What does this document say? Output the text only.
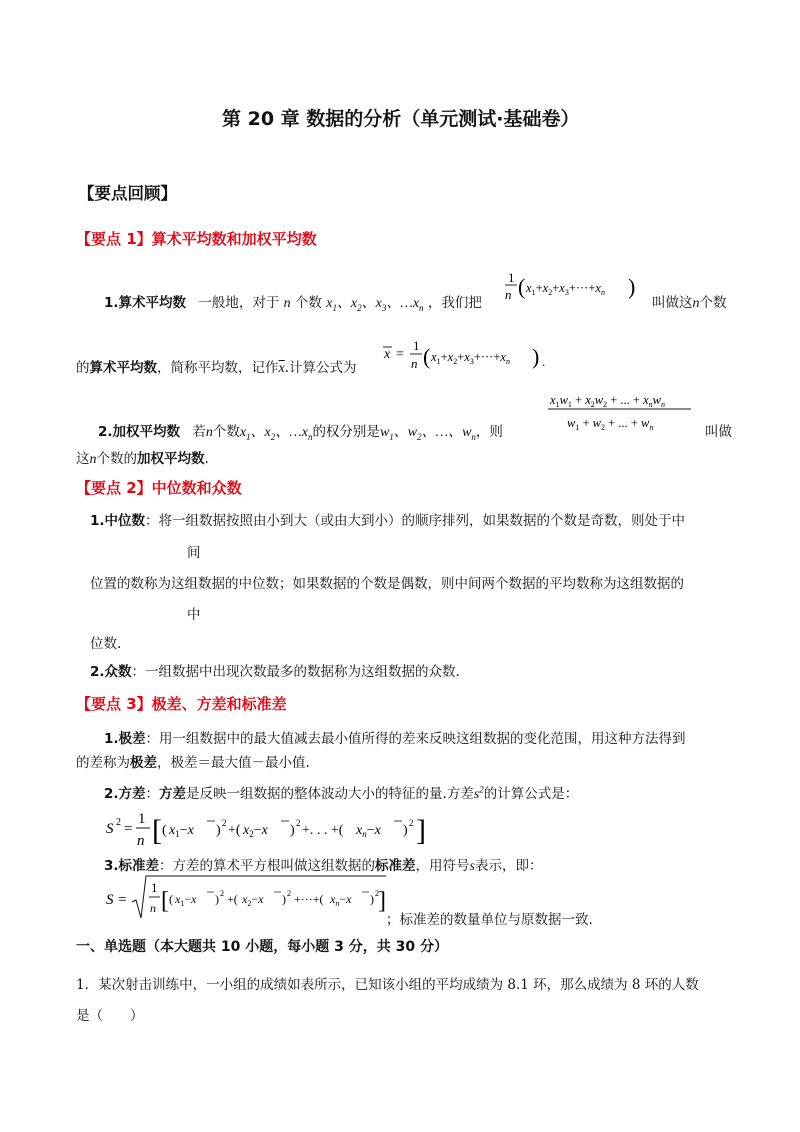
第 20 章 数据的分析（单元测试·基础卷）
【要点回顾】
【要点 1】算术平均数和加权平均数
1.算术平均数 一般地，对于 n 个数 $x_1$、$x_2$、$x_3$、$\dots x_n$ ，我们把
1
n ( $x_1+x_2+x_3+\cdot\cdot\cdot+x_n$ )
叫做这n个数
的算术平均数，简称平均数，记作$\overline{x}$.计算公式为
x =
1
n ( $x_1+x_2+x_3+\cdot\cdot\cdot+x_n$ ) .
2.加权平均数 若n个数$x_1$、$x_2$、$\dots x_n$的权分别是$w_1$、$w_2$、…、$w_n$，则
$x_1w_1 + x_2w_2$ + ... + $x_nw_n$
$w_1 + w_2$ + ... + $w_n$	叫做
这n个数的加权平均数.
【要点 2】中位数和众数
1.中位数：将一组数据按照由小到大（或由大到小）的顺序排列，如果数据的个数是奇数，则处于中
间
位置的数称为这组数据的中位数；如果数据的个数是偶数，则中间两个数据的平均数称为这组数据的
中
位数.
2.众数：一组数据中出现次数最多的数据称为这组数据的众数.
【要点 3】极差、方差和标准差
1.极差：用一组数据中的最大值减去最小值所得的差来反映这组数据的变化范围，用这种方法得到
的差称为极差，极差＝最大值－最小值.
2.方差：方差是反映一组数据的整体波动大小的特征的量.方差$s^2$的计算公式是：
S 2 =
1
n [ ( $x_1-x$ ) 2 +( $x_2-x$ ) 2 +. . . +( $x_n-x$ ) 2 ]
3.标准差：方差的算术平方根叫做这组数据的标准差，用符号s表示，即：
S =
1
n [ ( $x_1-x$ ) 2 +( $x_2-x$ ) 2 +···+( $x_n-x$ ) 2 ]
；标准差的数量单位与原数据一致.
一、单选题（本大题共 10 小题，每小题 3 分，共 30 分）
1．某次射击训练中，一小组的成绩如表所示，已知该小组的平均成绩为 8.1 环，那么成绩为 8 环的人数
是（　　）
